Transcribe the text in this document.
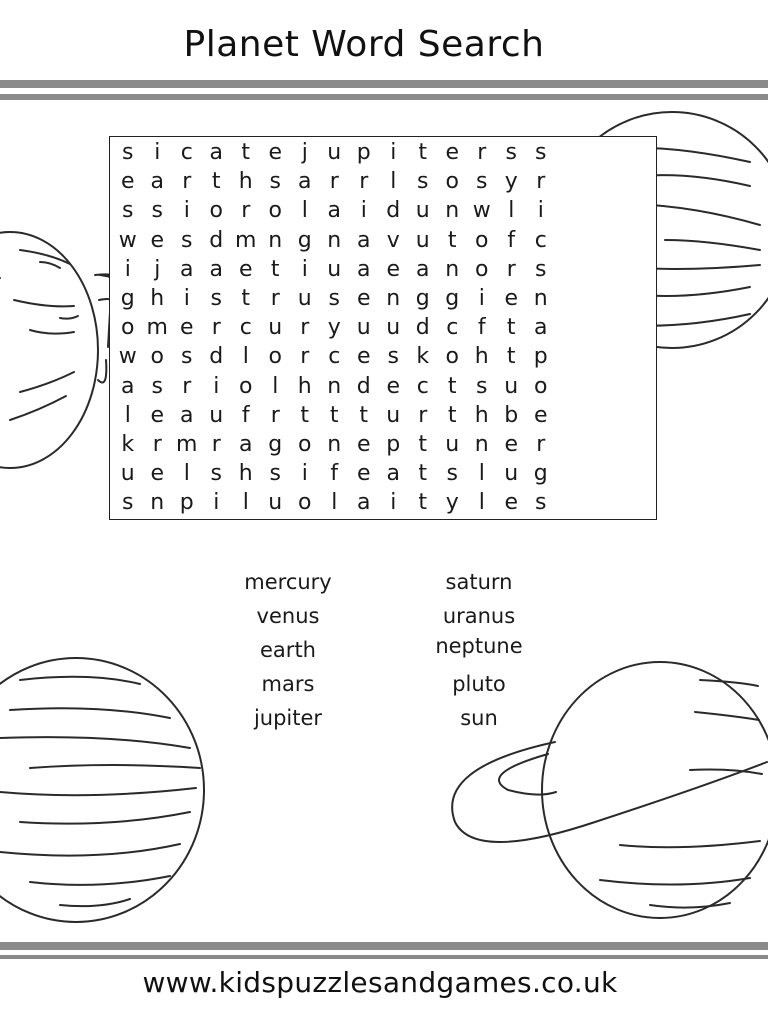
Planet Word Search
s	i	c	a	t	e	j	u	p	i	t	e	r	s	s
e	a	r	t	h	s	a	r	r	l	s	o	s	y	r
s	s	i	o	r	o	l	a	i	d	u	n	w	l	i
w	e	s	d	m	n	g	n	a	v	u	t	o	f	c
i	j	a	a	e	t	i	u	a	e	a	n	o	r	s
g	h	i	s	t	r	u	s	e	n	g	g	i	e	n
o	m	e	r	c	u	r	y	u	u	d	c	f	t	a
w	o	s	d	l	o	r	c	e	s	k	o	h	t	p
a	s	r	i	o	l	h	n	d	e	c	t	s	u	o
l	e	a	u	f	r	t	t	t	u	r	t	h	b	e
k	r	m	r	a	g	o	n	e	p	t	u	n	e	r
u	e	l	s	h	s	i	f	e	a	t	s	l	u	g
s	n	p	i	l	u	o	l	a	i	t	y	l	e	s
mercury
venus
earth
mars
jupiter
saturn
uranus
neptune
pluto
sun
www.kidspuzzlesandgames.co.uk
